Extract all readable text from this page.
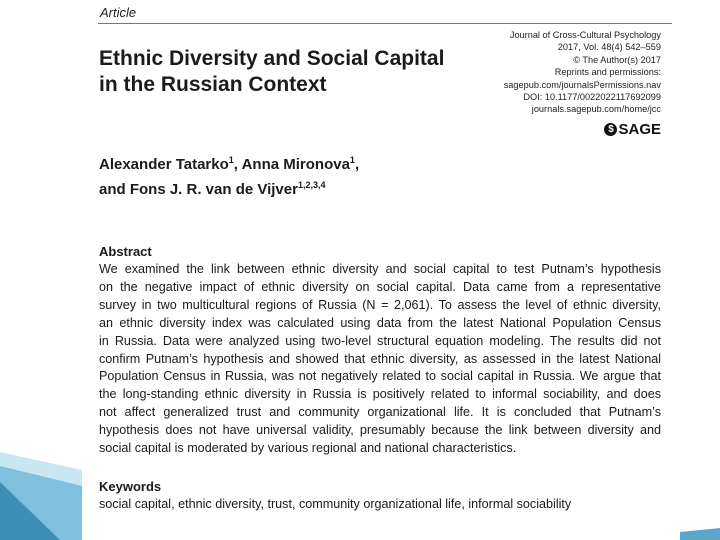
Article
Ethnic Diversity and Social Capital
in the Russian Context
Journal of Cross-Cultural Psychology
2017, Vol. 48(4) 542–559
© The Author(s) 2017
Reprints and permissions:
sagepub.com/journalsPermissions.nav
DOI: 10.1177/0022022117692099
journals.sagepub.com/home/jcc
$ SAGE
Alexander Tatarko$^1$, Anna Mironova$^1$,
and Fons J. R. van de Vijver$^{1,2,3,4}$
Abstract
We examined the link between ethnic diversity and social capital to test Putnam’s hypothesis
on the negative impact of ethnic diversity on social capital. Data came from a representative
survey in two multicultural regions of Russia (N = 2,061). To assess the level of ethnic diversity,
an ethnic diversity index was calculated using data from the latest National Population Census
in Russia. Data were analyzed using two-level structural equation modeling. The results did not
confirm Putnam’s hypothesis and showed that ethnic diversity, as assessed in the latest National
Population Census in Russia, was not negatively related to social capital in Russia. We argue that
the long-standing ethnic diversity in Russia is positively related to informal sociability, and does
not affect generalized trust and community organizational life. It is concluded that Putnam’s
hypothesis does not have universal validity, presumably because the link between diversity and
social capital is moderated by various regional and national characteristics.
Keywords
social capital, ethnic diversity, trust, community organizational life, informal sociability
